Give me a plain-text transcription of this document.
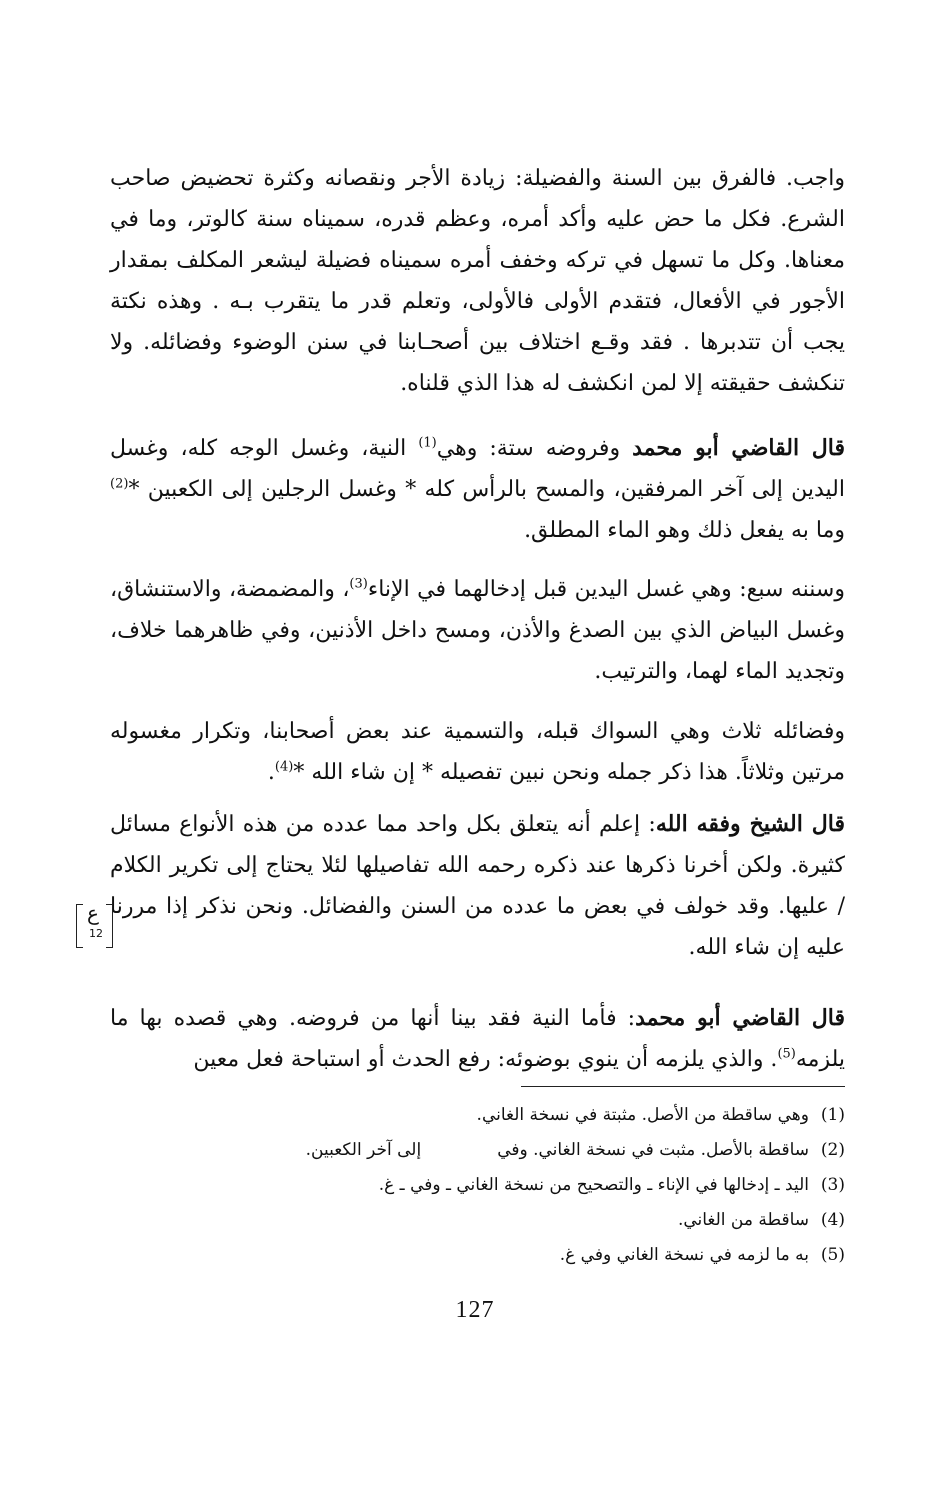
واجب. فالفرق بين السنة والفضيلة: زيادة الأجر ونقصانه وكثرة تحضيض صاحب الشرع. فكل ما حض عليه وأكد أمره، وعظم قدره، سميناه سنة كالوتر، وما في معناها. وكل ما تسهل في تركه وخفف أمره سميناه فضيلة ليشعر المكلف بمقدار الأجور في الأفعال، فتقدم الأولى فالأولى، وتعلم قدر ما يتقرب بـه . وهذه نكتة يجب أن تتدبرها . فقد وقـع اختلاف بين أصحـابنا في سنن الوضوء وفضائله. ولا تنكشف حقيقته إلا لمن انكشف له هذا الذي قلناه.

قال القاضي أبو محمد وفروضه ستة: وهي$^{(1)}$ النية، وغسل الوجه كله، وغسل اليدين إلى آخر المرفقين، والمسح بالرأس كله * وغسل الرجلين إلى الكعبين *$^{(2)}$ وما به يفعل ذلك وهو الماء المطلق.

وسننه سبع: وهي غسل اليدين قبل إدخالهما في الإناء$^{(3)}$، والمضمضة، والاستنشاق، وغسل البياض الذي بين الصدغ والأذن، ومسح داخل الأذنين، وفي ظاهرهما خلاف، وتجديد الماء لهما، والترتيب.

وفضائله ثلاث وهي السواك قبله، والتسمية عند بعض أصحابنا، وتكرار مغسوله مرتين وثلاثاً. هذا ذكر جمله ونحن نبين تفصيله * إن شاء الله *$^{(4)}$.

قال الشيخ وفقه الله: إعلم أنه يتعلق بكل واحد مما عدده من هذه الأنواع مسائل كثيرة. ولكن أخرنا ذكرها عند ذكره رحمه الله تفاصيلها لئلا يحتاج إلى تكرير الكلام / عليها. وقد خولف في بعض ما عدده من السنن والفضائل. ونحن نذكر إذا مررنا عليه إن شاء الله.

ع
12

قال القاضي أبو محمد: فأما النية فقد بينا أنها من فروضه. وهي قصده بها ما يلزمه$^{(5)}$. والذي يلزمه أن ينوي بوضوئه: رفع الحدث أو استباحة فعل معين

(1)
وهي ساقطة من الأصل. مثبتة في نسخة الغاني.
(2)
ساقطة بالأصل. مثبت في نسخة الغاني. وفي
إلى آخر الكعبين.
(3)
اليد ـ إدخالها في الإناء ـ والتصحيح من نسخة الغاني ـ وفي ـ غ.
(4)
ساقطة من الغاني.
(5)
به ما لزمه في نسخة الغاني وفي غ.
127
